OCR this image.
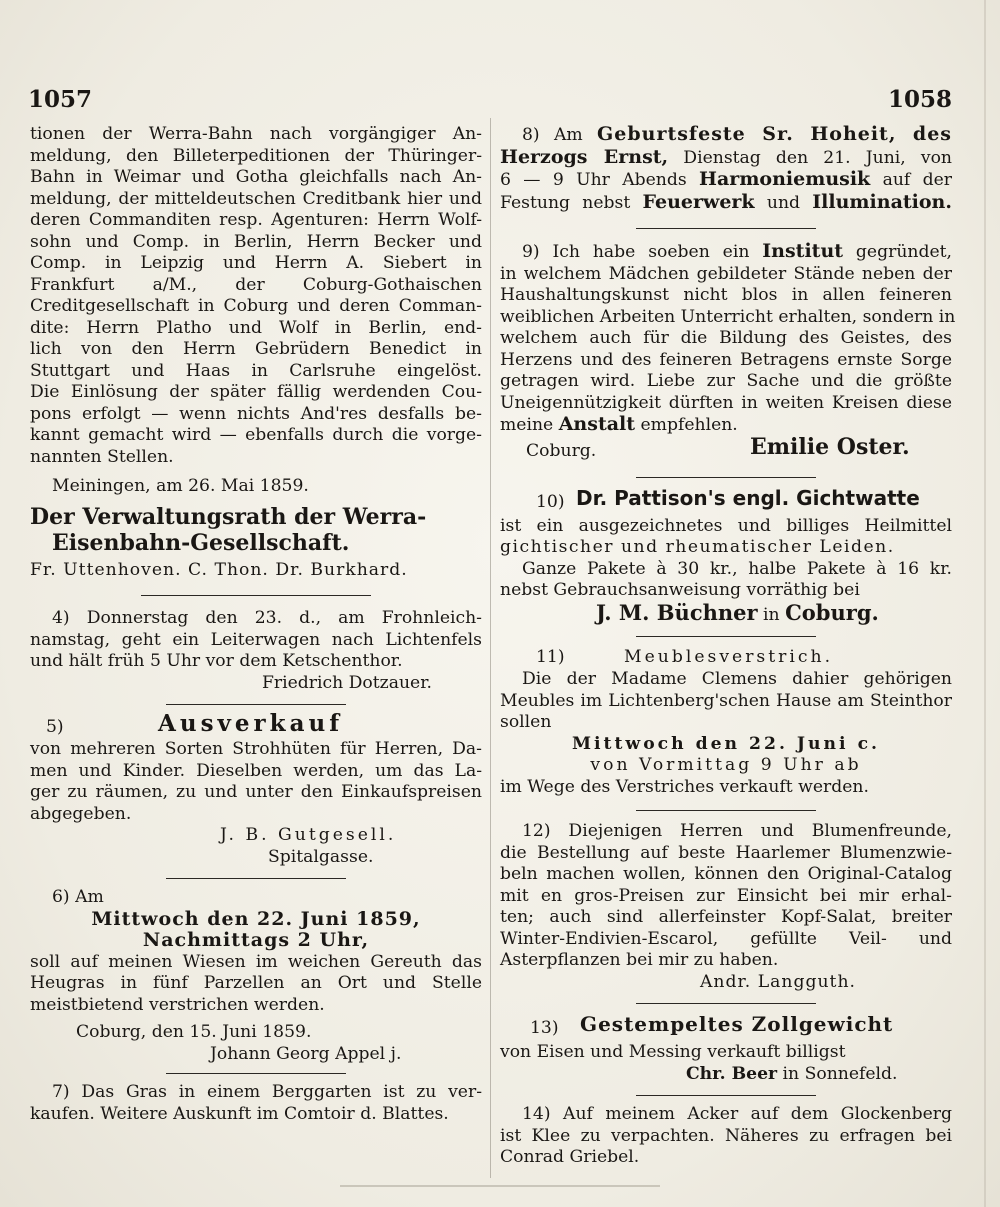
1057	1058
tionen der Werra-Bahn nach vorgängiger An-
meldung, den Billeterpeditionen der Thüringer-
Bahn in Weimar und Gotha gleichfalls nach An-
meldung, der mitteldeutschen Creditbank hier und
deren Commanditen resp. Agenturen: Herrn Wolf-
sohn und Comp. in Berlin, Herrn Becker und
Comp. in Leipzig und Herrn A. Siebert in
Frankfurt a/M., der Coburg-Gothaischen
Creditgesellschaft in Coburg und deren Comman-
dite: Herrn Platho und Wolf in Berlin, end-
lich von den Herrn Gebrüdern Benedict in
Stuttgart und Haas in Carlsruhe eingelöst.
Die Einlösung der später fällig werdenden Cou-
pons erfolgt — wenn nichts And'res desfalls be-
kannt gemacht wird — ebenfalls durch die vorge-
nannten Stellen.
Meiningen, am 26. Mai 1859.
Der Verwaltungsrath der Werra-
Eisenbahn-Gesellschaft.
Fr. Uttenhoven. C. Thon. Dr. Burkhard.
4) Donnerstag den 23. d., am Frohnleich-
namstag, geht ein Leiterwagen nach Lichtenfels
und hält früh 5 Uhr vor dem Ketschenthor.
Friedrich Dotzauer.
5)	Ausverkauf
von mehreren Sorten Strohhüten für Herren, Da-
men und Kinder. Dieselben werden, um das La-
ger zu räumen, zu und unter den Einkaufspreisen
abgegeben.
J. B. Gutgesell.
Spitalgasse.
6) Am
Mittwoch den 22. Juni 1859,
Nachmittags 2 Uhr,
soll auf meinen Wiesen im weichen Gereuth das
Heugras in fünf Parzellen an Ort und Stelle
meistbietend verstrichen werden.
Coburg, den 15. Juni 1859.
Johann Georg Appel j.
7) Das Gras in einem Berggarten ist zu ver-
kaufen. Weitere Auskunft im Comtoir d. Blattes.
8) Am Geburtsfeste Sr. Hoheit, des
Herzogs Ernst, Dienstag den 21. Juni, von
6 — 9 Uhr Abends Harmoniemusik auf der
Festung nebst Feuerwerk und Illumination.
9) Ich habe soeben ein Institut gegründet,
in welchem Mädchen gebildeter Stände neben der
Haushaltungskunst nicht blos in allen feineren
weiblichen Arbeiten Unterricht erhalten, sondern in
welchem auch für die Bildung des Geistes, des
Herzens und des feineren Betragens ernste Sorge
getragen wird. Liebe zur Sache und die größte
Uneigennützigkeit dürften in weiten Kreisen diese
meine Anstalt empfehlen.
Coburg.	Emilie Oster.
10) Dr. Pattison's engl. Gichtwatte
ist ein ausgezeichnetes und billiges Heilmittel
gichtischer und rheumatischer Leiden.
Ganze Pakete à 30 kr., halbe Pakete à 16 kr.
nebst Gebrauchsanweisung vorräthig bei
J. M. Büchner in Coburg.
11)	Meublesverstrich.
Die der Madame Clemens dahier gehörigen
Meubles im Lichtenberg'schen Hause am Steinthor
sollen
Mittwoch den 22. Juni c.
von Vormittag 9 Uhr ab
im Wege des Verstriches verkauft werden.
12) Diejenigen Herren und Blumenfreunde,
die Bestellung auf beste Haarlemer Blumenzwie-
beln machen wollen, können den Original-Catalog
mit en gros-Preisen zur Einsicht bei mir erhal-
ten; auch sind allerfeinster Kopf-Salat, breiter
Winter-Endivien-Escarol, gefüllte Veil- und
Asterpflanzen bei mir zu haben.
Andr. Langguth.
13) Gestempeltes Zollgewicht
von Eisen und Messing verkauft billigst
Chr. Beer in Sonnefeld.
14) Auf meinem Acker auf dem Glockenberg
ist Klee zu verpachten. Näheres zu erfragen bei
Conrad Griebel.
